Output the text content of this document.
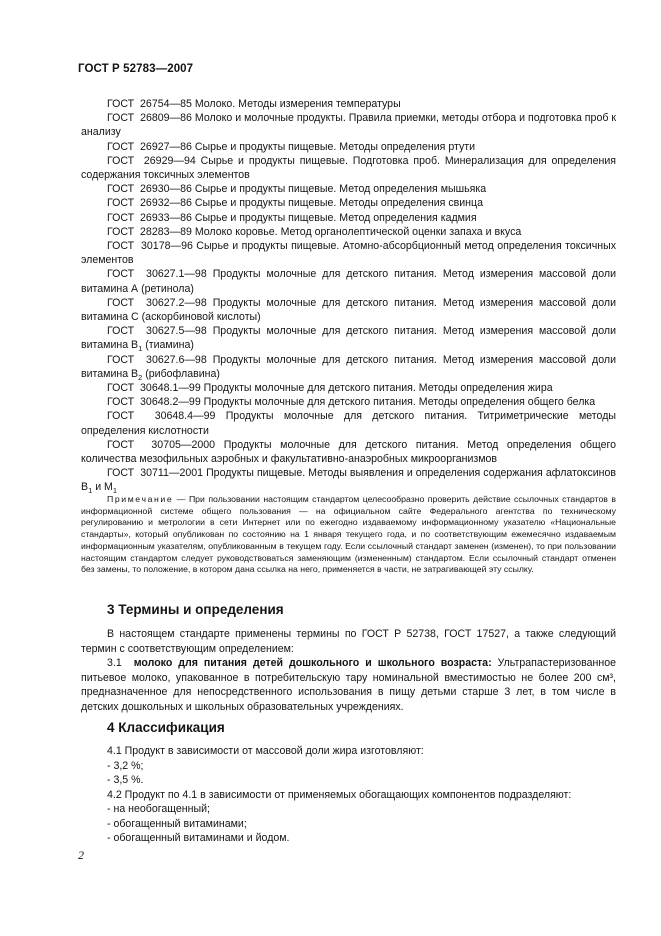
ГОСТ Р 52783—2007
ГОСТ  26754—85 Молоко. Методы измерения температуры
ГОСТ  26809—86 Молоко и молочные продукты. Правила приемки, методы отбора и подготовка проб к анализу
ГОСТ  26927—86 Сырье и продукты пищевые. Методы определения ртути
ГОСТ  26929—94 Сырье и продукты пищевые. Подготовка проб. Минерализация для определения содержания токсичных элементов
ГОСТ  26930—86 Сырье и продукты пищевые. Метод определения мышьяка
ГОСТ  26932—86 Сырье и продукты пищевые. Методы определения свинца
ГОСТ  26933—86 Сырье и продукты пищевые. Метод определения кадмия
ГОСТ  28283—89 Молоко коровье. Метод органолептической оценки запаха и вкуса
ГОСТ  30178—96 Сырье и продукты пищевые. Атомно-абсорбционный метод определения токсичных элементов
ГОСТ  30627.1—98 Продукты молочные для детского питания. Метод измерения массовой доли витамина А (ретинола)
ГОСТ  30627.2—98 Продукты молочные для детского питания. Метод измерения массовой доли витамина С (аскорбиновой кислоты)
ГОСТ  30627.5—98 Продукты молочные для детского питания. Метод измерения массовой доли витамина $В_1$ (тиамина)
ГОСТ  30627.6—98 Продукты молочные для детского питания. Метод измерения массовой доли витамина $В_2$ (рибофлавина)
ГОСТ  30648.1—99 Продукты молочные для детского питания. Методы определения жира
ГОСТ  30648.2—99 Продукты молочные для детского питания. Методы определения общего белка
ГОСТ  30648.4—99 Продукты молочные для детского питания. Титриметрические методы определения кислотности
ГОСТ  30705—2000 Продукты молочные для детского питания. Метод определения общего количества мезофильных аэробных и факультативно-анаэробных микроорганизмов
ГОСТ  30711—2001 Продукты пищевые. Методы выявления и определения содержания афлатоксинов $В_1$ и $М_1$
Примечание — При пользовании настоящим стандартом целесообразно проверить действие ссылочных стандартов в информационной системе общего пользования — на официальном сайте Федерального агентства по техническому регулированию и метрологии в сети Интернет или по ежегодно издаваемому информационному указателю «Национальные стандарты», который опубликован по состоянию на 1 января текущего года, и по соответствующим ежемесячно издаваемым информационным указателям, опубликованным в текущем году. Если ссылочный стандарт заменен (изменен), то при пользовании настоящим стандартом следует руководствоваться заменяющим (измененным) стандартом. Если ссылочный стандарт отменен без замены, то положение, в котором дана ссылка на него, применяется в части, не затрагивающей эту ссылку.
3 Термины и определения
В настоящем стандарте применены термины по ГОСТ Р 52738, ГОСТ 17527, а также следующий термин с соответствующим определением:
3.1 молоко для питания детей дошкольного и школьного возраста: Ультрапастеризованное питьевое молоко, упакованное в потребительскую тару номинальной вместимостью не более 200 см³, предназначенное для непосредственного использования в пищу детьми старше 3 лет, в том числе в детских дошкольных и школьных образовательных учреждениях.
4 Классификация
4.1 Продукт в зависимости от массовой доли жира изготовляют:
- 3,2 %;
- 3,5 %.
4.2 Продукт по 4.1 в зависимости от применяемых обогащающих компонентов подразделяют:
- на необогащенный;
- обогащенный витаминами;
- обогащенный витаминами и йодом.
2
